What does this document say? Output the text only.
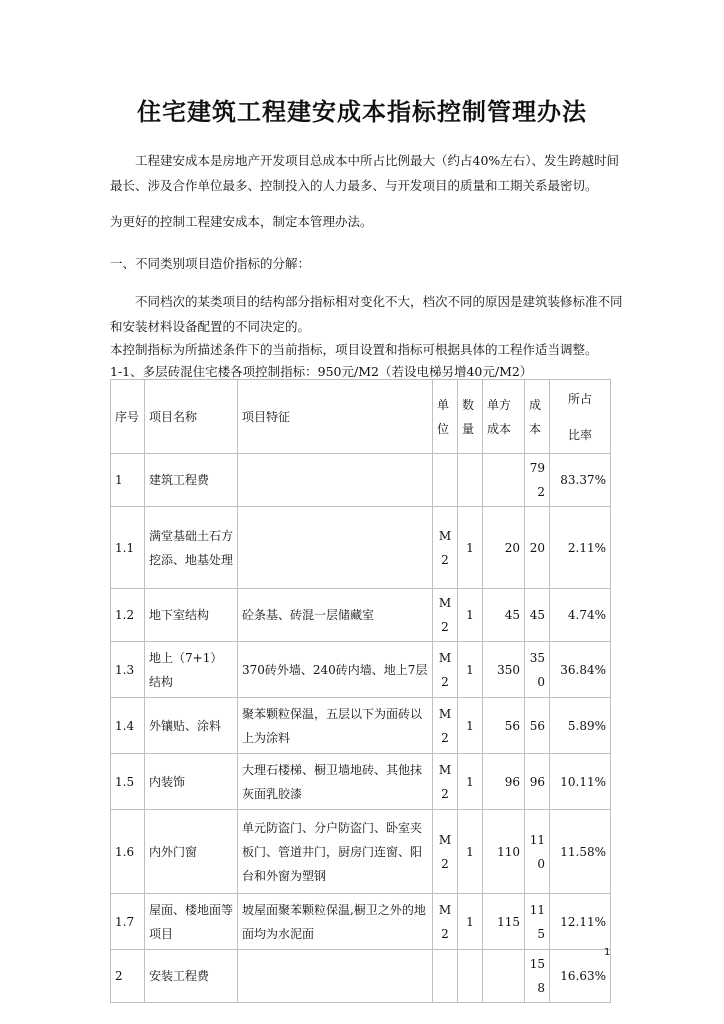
住宅建筑工程建安成本指标控制管理办法
工程建安成本是房地产开发项目总成本中所占比例最大（约占40%左右）、发生跨越时间最长、涉及合作单位最多、控制投入的人力最多、与开发项目的质量和工期关系最密切。
为更好的控制工程建安成本，制定本管理办法。
一、不同类别项目造价指标的分解：
不同档次的某类项目的结构部分指标相对变化不大，档次不同的原因是建筑装修标准不同和安装材料设备配置的不同决定的。
本控制指标为所描述条件下的当前指标，项目设置和指标可根据具体的工程作适当调整。
1-1、多层砖混住宅楼各项控制指标：950元/M2（若设电梯另增40元/M2）
序号	项目名称	项目特征	单位	数量	单方成本	成本	所占
比率

1	建筑工程费					792	83.37%
1.1	满堂基础土石方挖添、地基处理		M2	1	20	20	2.11%
1.2	地下室结构	砼条基、砖混一层储藏室	M2	1	45	45	4.74%
1.3	地上（7+1）结构	370砖外墙、240砖内墙、地上7层	M2	1	350	350	36.84%
1.4	外镶贴、涂料	聚苯颗粒保温，五层以下为面砖以上为涂料	M2	1	56	56	5.89%
1.5	内装饰	大理石楼梯、橱卫墙地砖、其他抹灰面乳胶漆	M2	1	96	96	10.11%
1.6	内外门窗	单元防盗门、分户防盗门、卧室夹板门、管道井门，厨房门连窗、阳台和外窗为塑钢	M2	1	110	110	11.58%
1.7	屋面、楼地面等项目	坡屋面聚苯颗粒保温,橱卫之外的地面均为水泥面	M2	1	115	115	12.11%
2	安装工程费					158	16.63%
1
